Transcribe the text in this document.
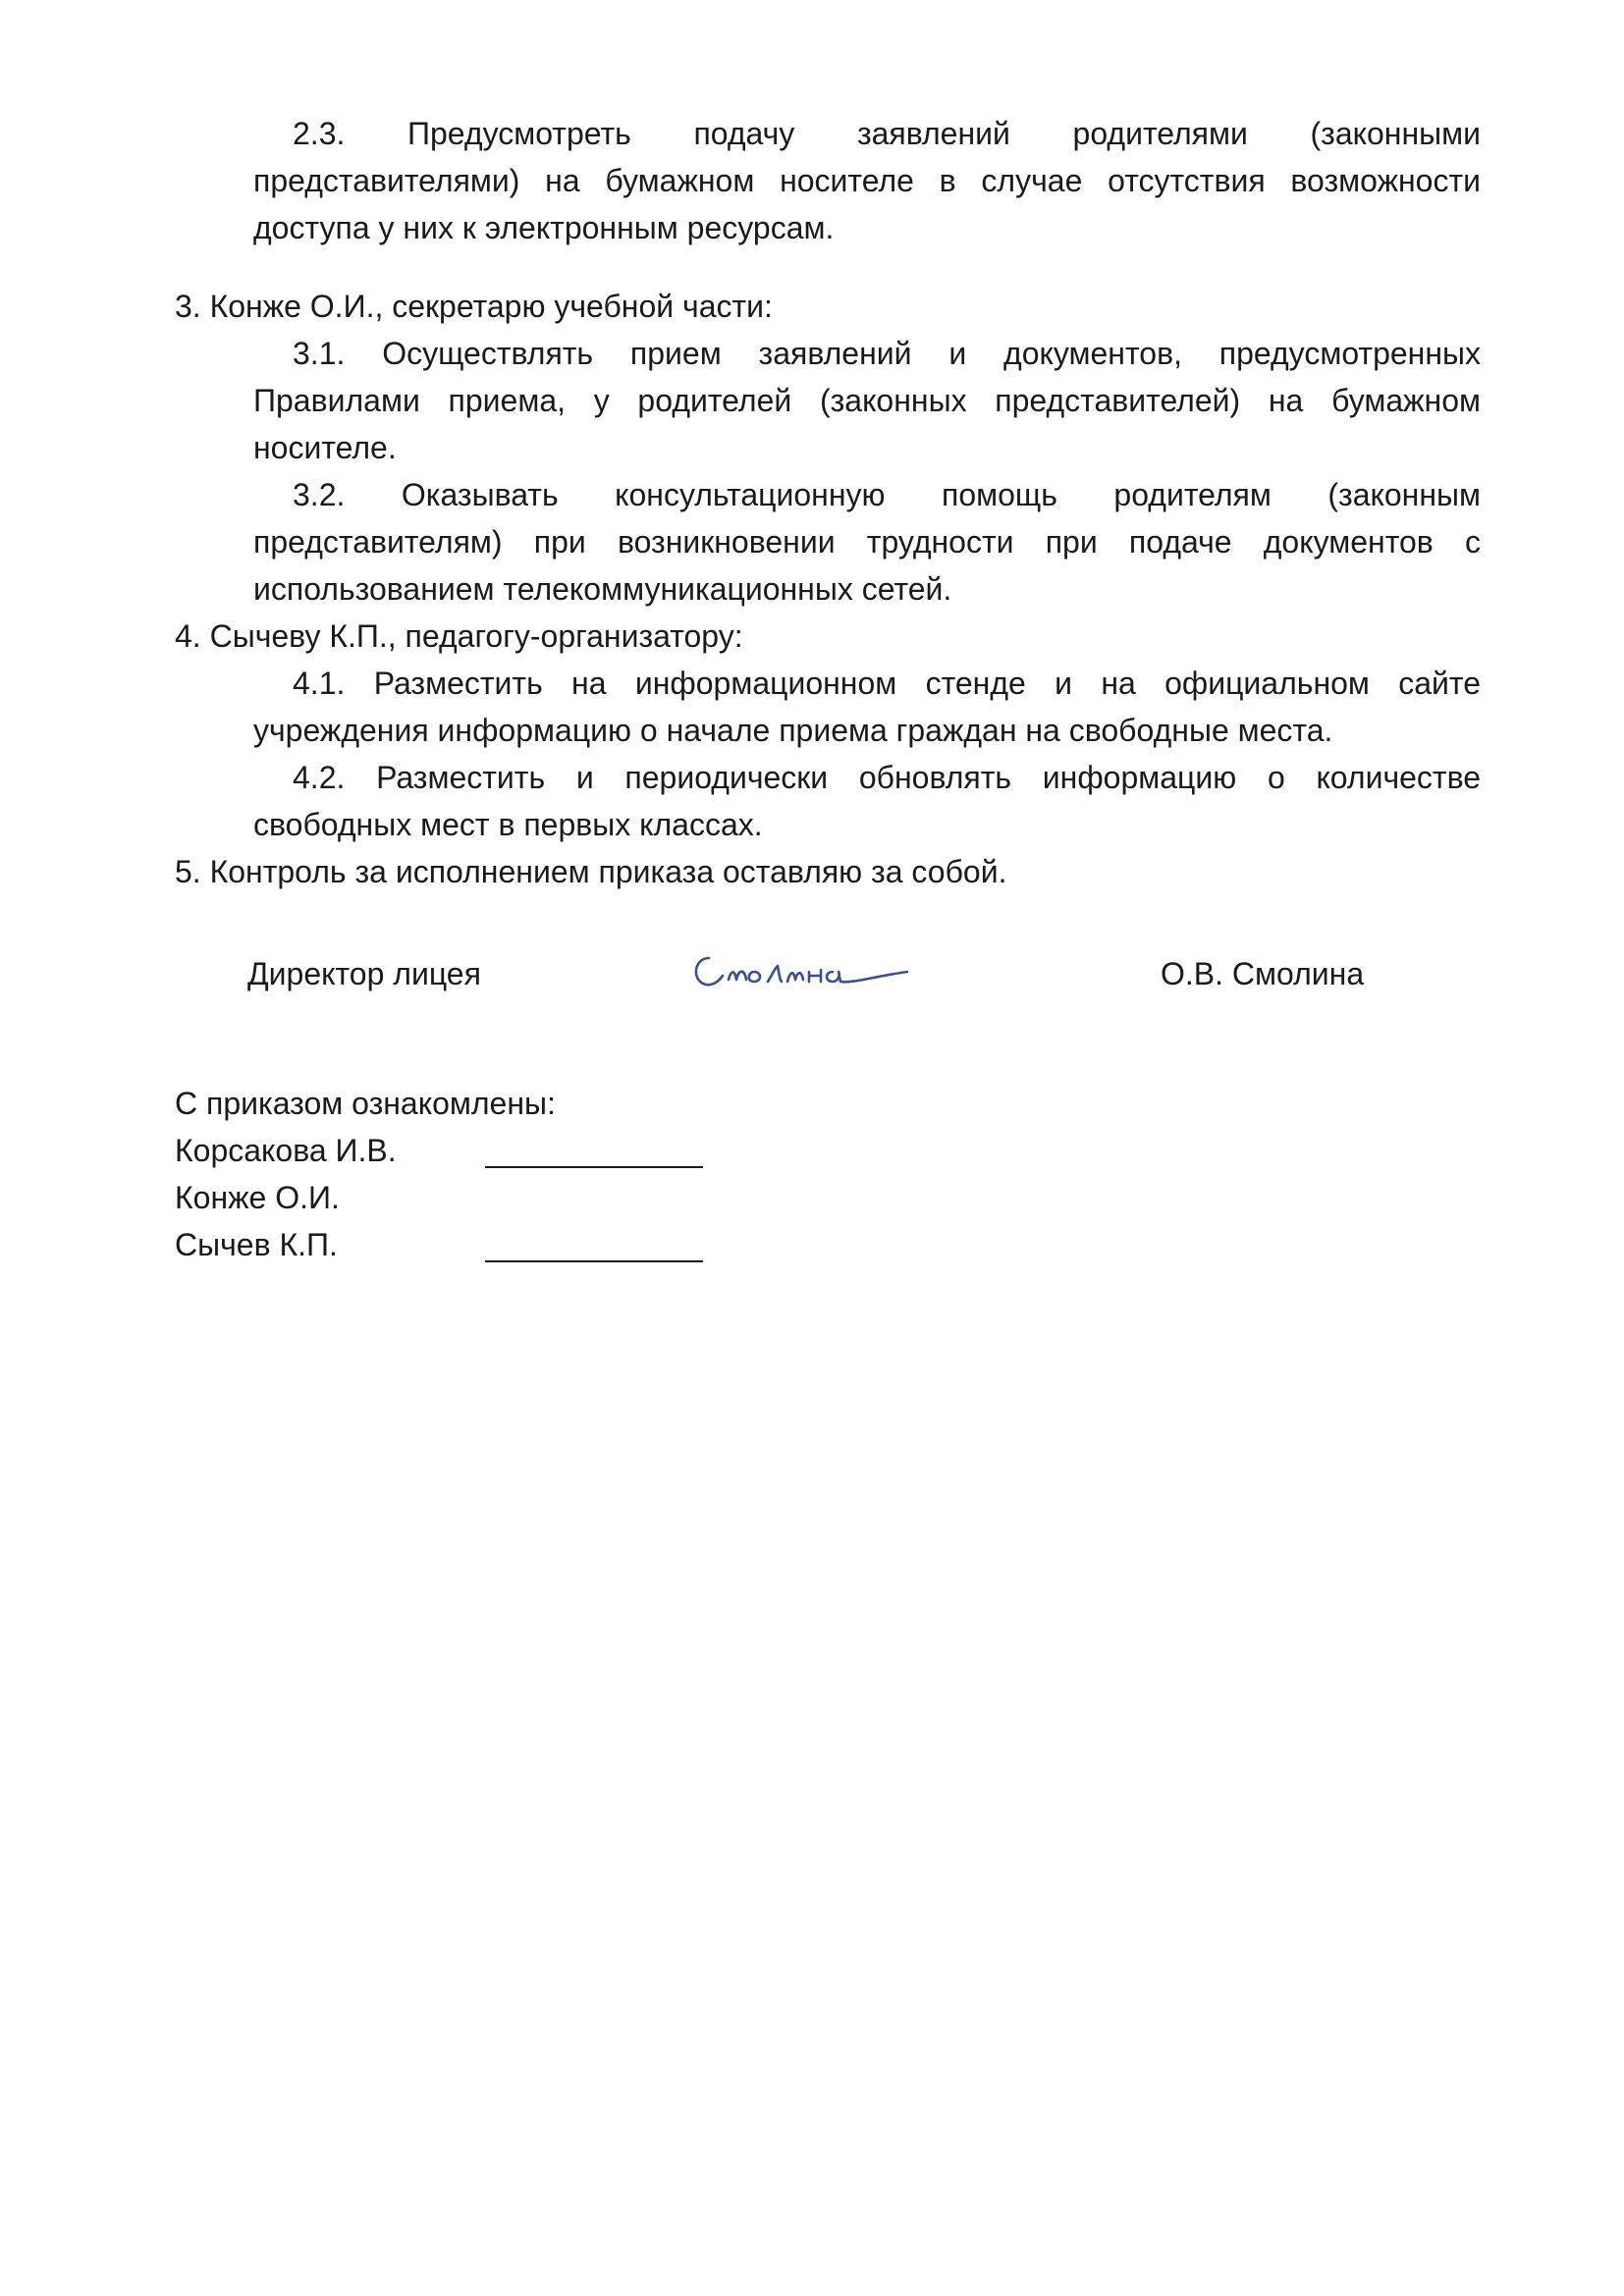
2.3. Предусмотреть подачу заявлений родителями (законными представителями) на бумажном носителе в случае отсутствия возможности доступа у них к электронным ресурсам.

3. Конже О.И., секретарю учебной части:

3.1. Осуществлять прием заявлений и документов, предусмотренных Правилами приема, у родителей (законных представителей) на бумажном носителе.

3.2. Оказывать консультационную помощь родителям (законным представителям) при возникновении трудности при подаче документов с использованием телекоммуникационных сетей.

4. Сычеву К.П., педагогу-организатору:

4.1. Разместить на информационном стенде и на официальном сайте учреждения информацию о начале приема граждан на свободные места.

4.2. Разместить и периодически обновлять информацию о количестве свободных мест в первых классах.

5. Контроль за исполнением приказа оставляю за собой.

Директор лицея	О.В. Смолина
С приказом ознакомлены:
Корсакова И.В.
Конже О.И.
Сычев К.П.
